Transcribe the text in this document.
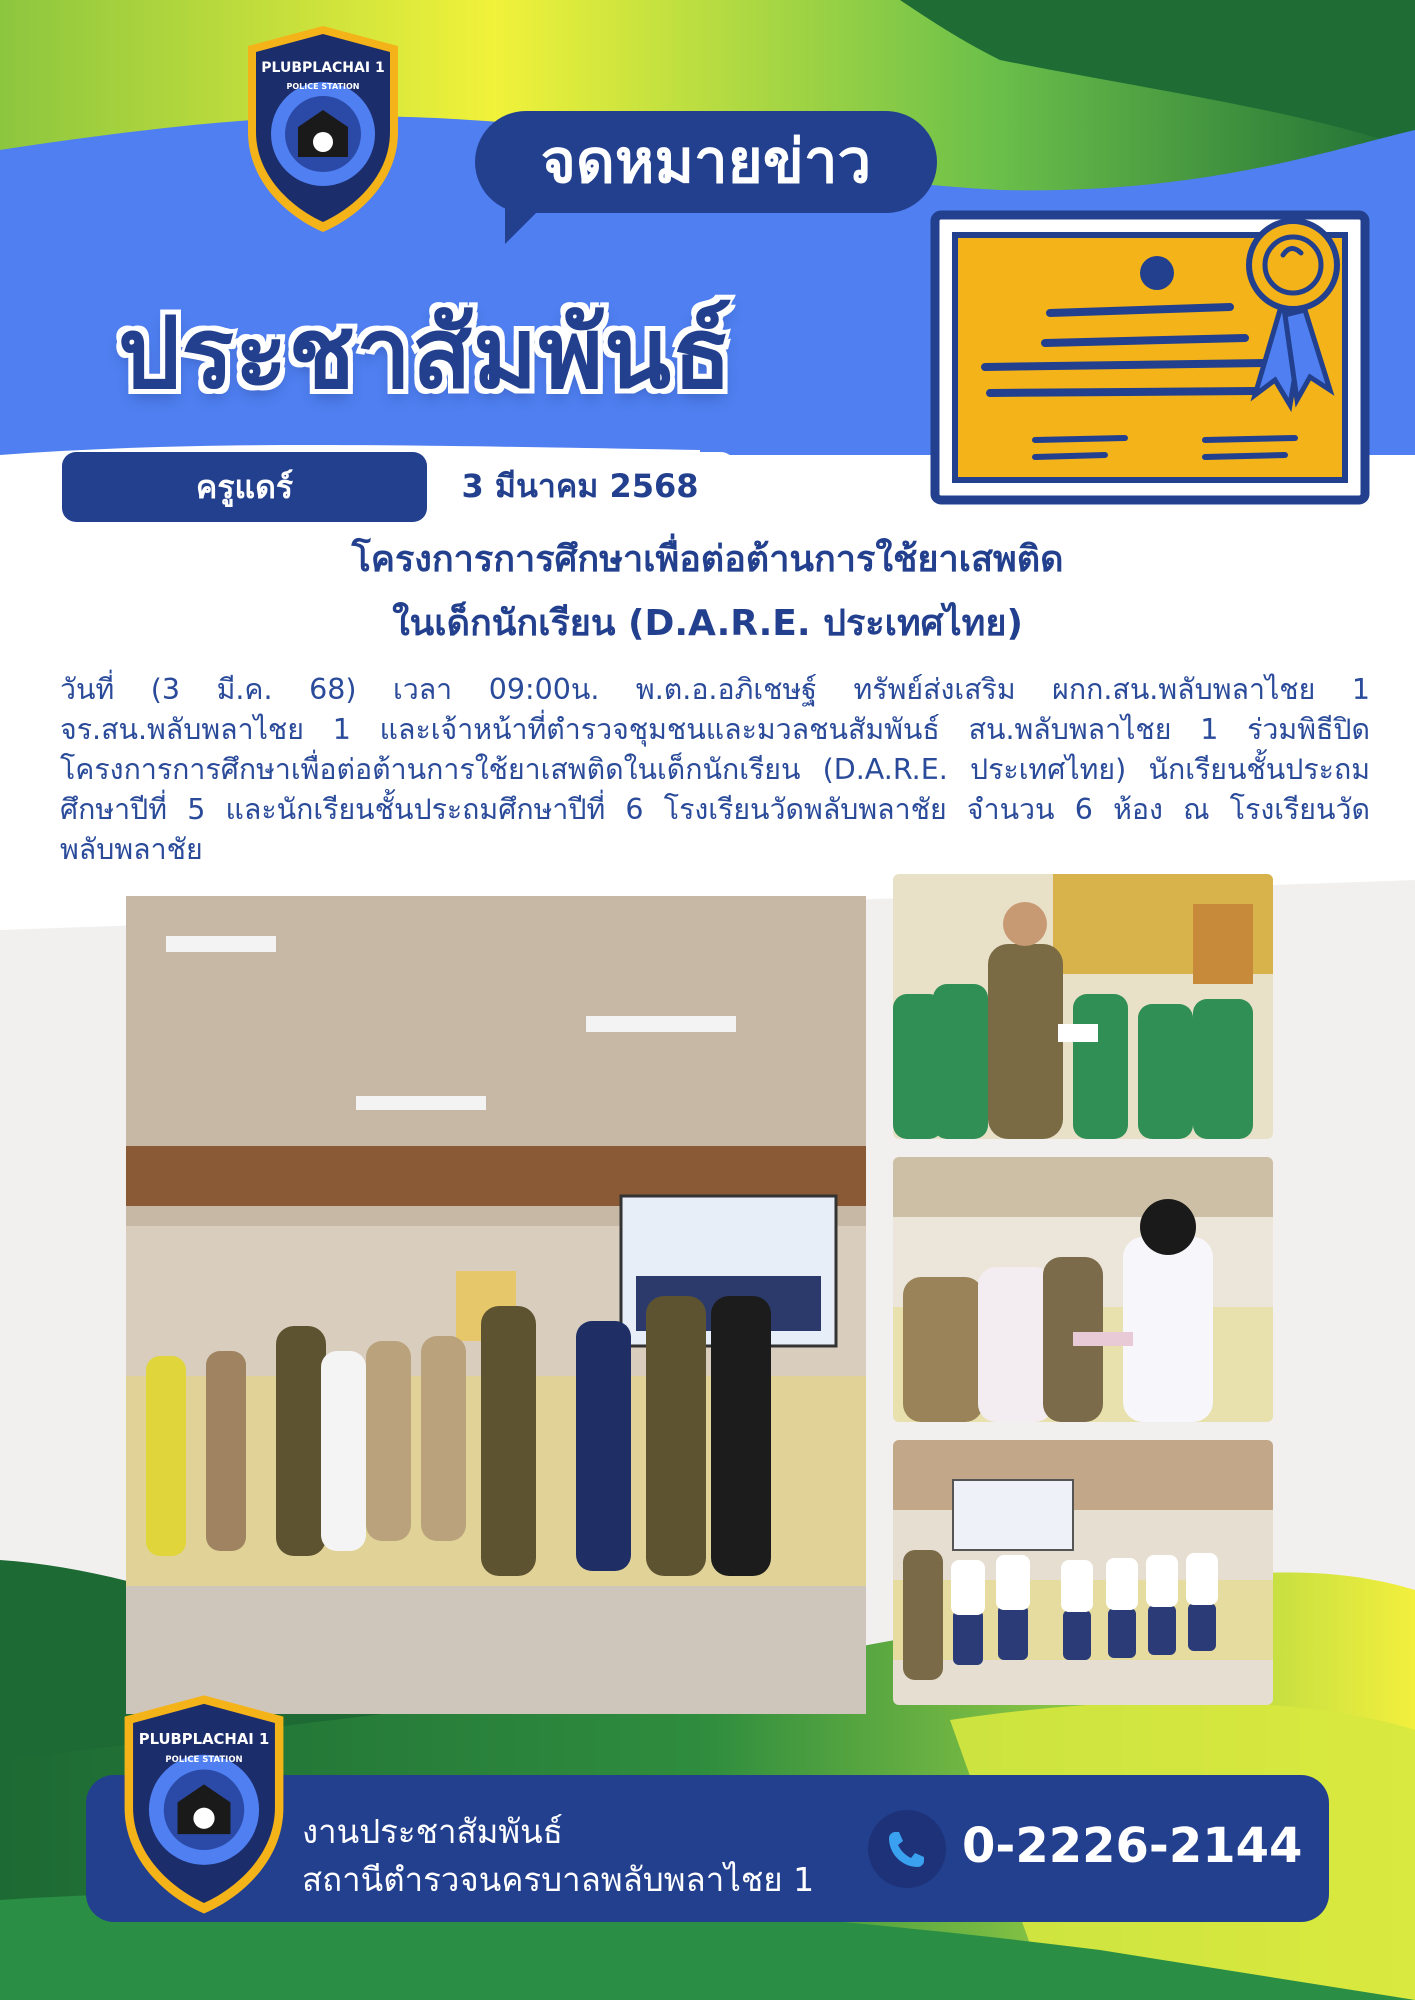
PLUBPLACHAI 1
POLICE STATION
จดหมายข่าว
ประชาสัมพันธ์
ครูแดร์	3 มีนาคม 2568
โครงการการศึกษาเพื่อต่อต้านการใช้ยาเสพติด
ในเด็กนักเรียน (D.A.R.E. ประเทศไทย)
วันที่ (3 มี.ค. 68) เวลา 09:00น. พ.ต.อ.อภิเชษฐ์ ทรัพย์ส่งเสริม ผกก.สน.พลับพลาไชย 1 จร.สน.พลับพลาไชย 1 และเจ้าหน้าที่ตำรวจชุมชนและมวลชนสัมพันธ์ สน.พลับพลาไชย 1 ร่วมพิธีปิด โครงการการศึกษาเพื่อต่อต้านการใช้ยาเสพติดในเด็กนักเรียน (D.A.R.E. ประเทศไทย) นักเรียนชั้นประถมศึกษาปีที่ 5 และนักเรียนชั้นประถมศึกษาปีที่ 6 โรงเรียนวัดพลับพลาชัย จำนวน 6 ห้อง ณ โรงเรียนวัดพลับพลาชัย
PLUBPLACHAI 1
POLICE STATION
งานประชาสัมพันธ์
สถานีตำรวจนครบาลพลับพลาไชย 1
0-2226-2144
